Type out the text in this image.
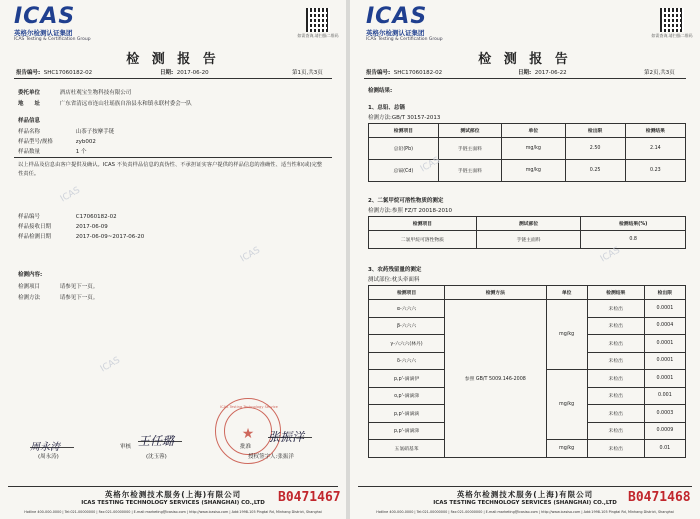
ICAS
英格尔检测认证集团
ICAS Testing & Certification Group
如需查询,请扫描二维码
检 测 报 告
报告编号: SHC17060182-02	日期: 2017-06-20	第1页,共3页
委托单位	酒店杜观宝生物科技有限公司
地　　址	广东省清远市连山壮瑶族自治县永和镇永联村委会一队
样品信息
样品名称	山茶子按摩手链
样品型号/规格	zyb002
样品数量	1 个
以上样品及信息由客户提供及确认。ICAS 不负责样品信息的真伪性、不承担证实客户提供的样品信息的准确性、适当性和(或)完整性责任。
样品编号	C17060182-02
样品接收日期	2017-06-09
样品检测日期	2017-06-09~2017-06-20
检测内容:
检测项目	请参见下一页。
检测方法	请参见下一页。
★
ICAS Testing Technology Service
周永涛
(周永涛)
审核 王任璐
(沈玉蓉)
批准
张振洋
授权签字人:张振洋
英格尔检测技术服务(上海)有限公司
ICAS TESTING TECHNOLOGY SERVICES (SHANGHAI) CO.,LTD
Hotline 400-000-0000 | Tel:021-00000000 | Fax:021-00000000 | E-mail:marketing@icasiso.com | http://www.icasiso.com | Add:1998-105 Pingtai Rd, Minhang District, Shanghai
B0471467
ICAS
ICAS
ICAS
ICAS
英格尔检测认证集团
ICAS Testing & Certification Group
如需查询,请扫描二维码
检 测 报 告
报告编号: SHC17060182-02	日期: 2017-06-22	第2页,共3页
检测结果:
1、总铅、总镉
检测方法:GB/T 30157-2013
检测项目	测试部位	单位	检出限	检测结果
总铅(Pb)	手链主面料	mg/kg	2.50	2.14
总镉(Cd)	手链主面料	mg/kg	0.25	0.23
2、二氯甲烷可溶性物质的测定
检测方法:参照 FZ/T 20018-2010
检测项目	测试部位	检测结果(%)
二氯甲烷可溶性物质	手链主面料	0.8
3、农药残留量的测定
测试部位:枕头牵面料
检测项目	检测方法	单位	检测结果	检出限
α-六六六	参照 GB/T 5009.146-2008	mg/kg	未检出	0.0001
β-六六六			未检出	0.0004
γ-六六六(林丹)			未检出	0.0001
δ-六六六			未检出	0.0001
p,p'-滴滴伊		mg/kg	未检出	0.0001
o,p'-滴滴涕			未检出	0.001
p,p'-滴滴滴			未检出	0.0003
p,p'-滴滴涕			未检出	0.0009
五氯硝基苯		mg/kg	未检出	0.01
英格尔检测技术服务(上海)有限公司
ICAS TESTING TECHNOLOGY SERVICES (SHANGHAI) CO.,LTD
Hotline 400-000-0000 | Tel:021-00000000 | Fax:021-00000000 | E-mail:marketing@icasiso.com | http://www.icasiso.com | Add:1998-105 Pingtai Rd, Minhang District, Shanghai
B0471468
ICAS
ICAS
